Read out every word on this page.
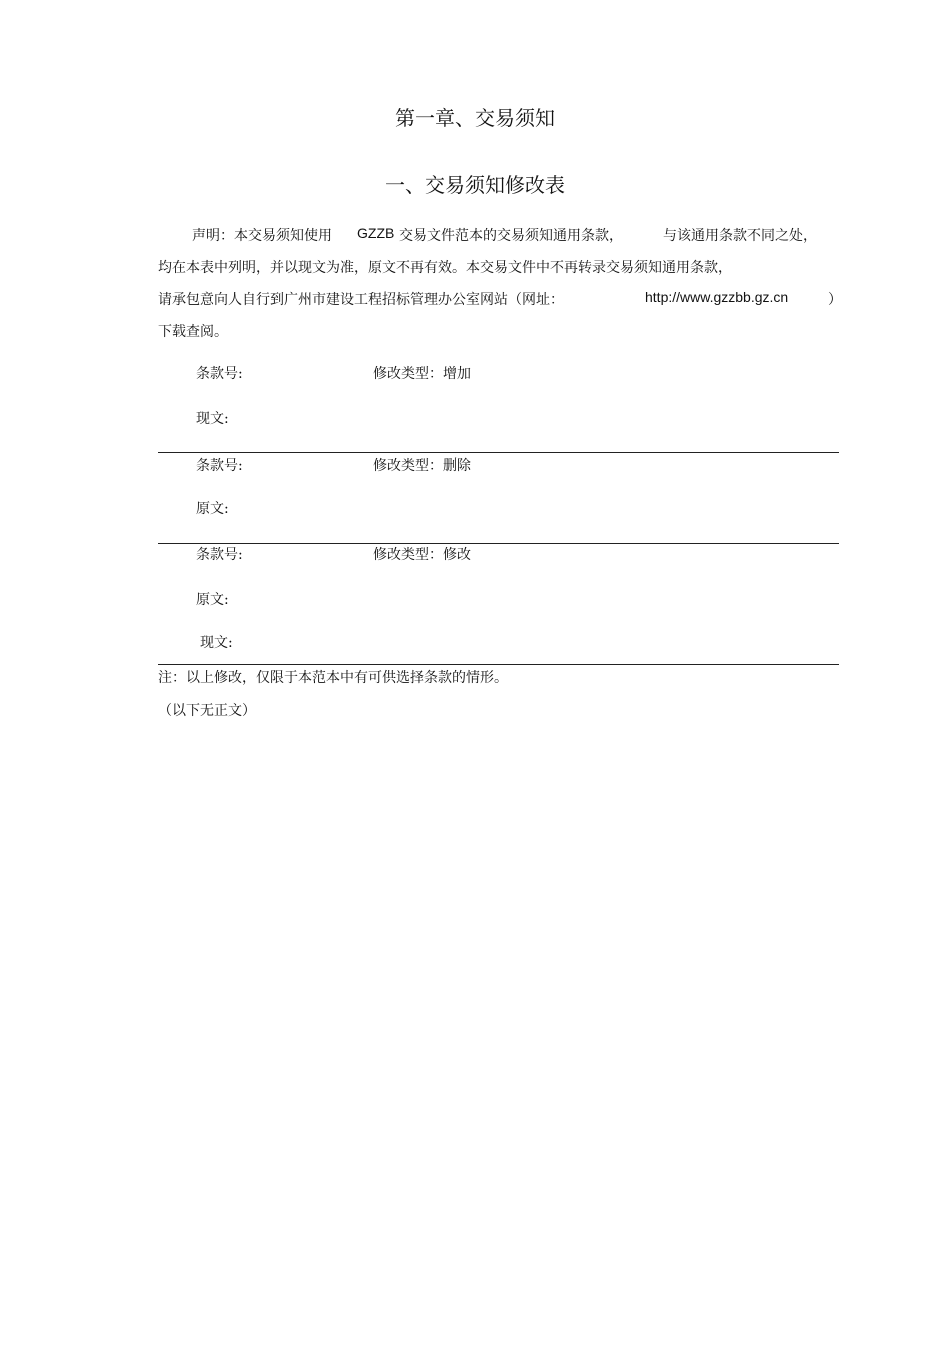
第一章、交易须知
一、交易须知修改表
声明：本交易须知使用 GZZB 交易文件范本的交易须知通用条款，	与该通用条款不同之处，
均在本表中列明，并以现文为准，原文不再有效。本交易文件中不再转录交易须知通用条款，
请承包意向人自行到广州市建设工程招标管理办公室网站（网址：	http://www.gzzbb.gz.cn	）
下载查阅。
条款号:	修改类型：增加
现文:
条款号:	修改类型：删除
原文:
条款号:	修改类型：修改
原文:
现文:
注：以上修改，仅限于本范本中有可供选择条款的情形。
（以下无正文）
